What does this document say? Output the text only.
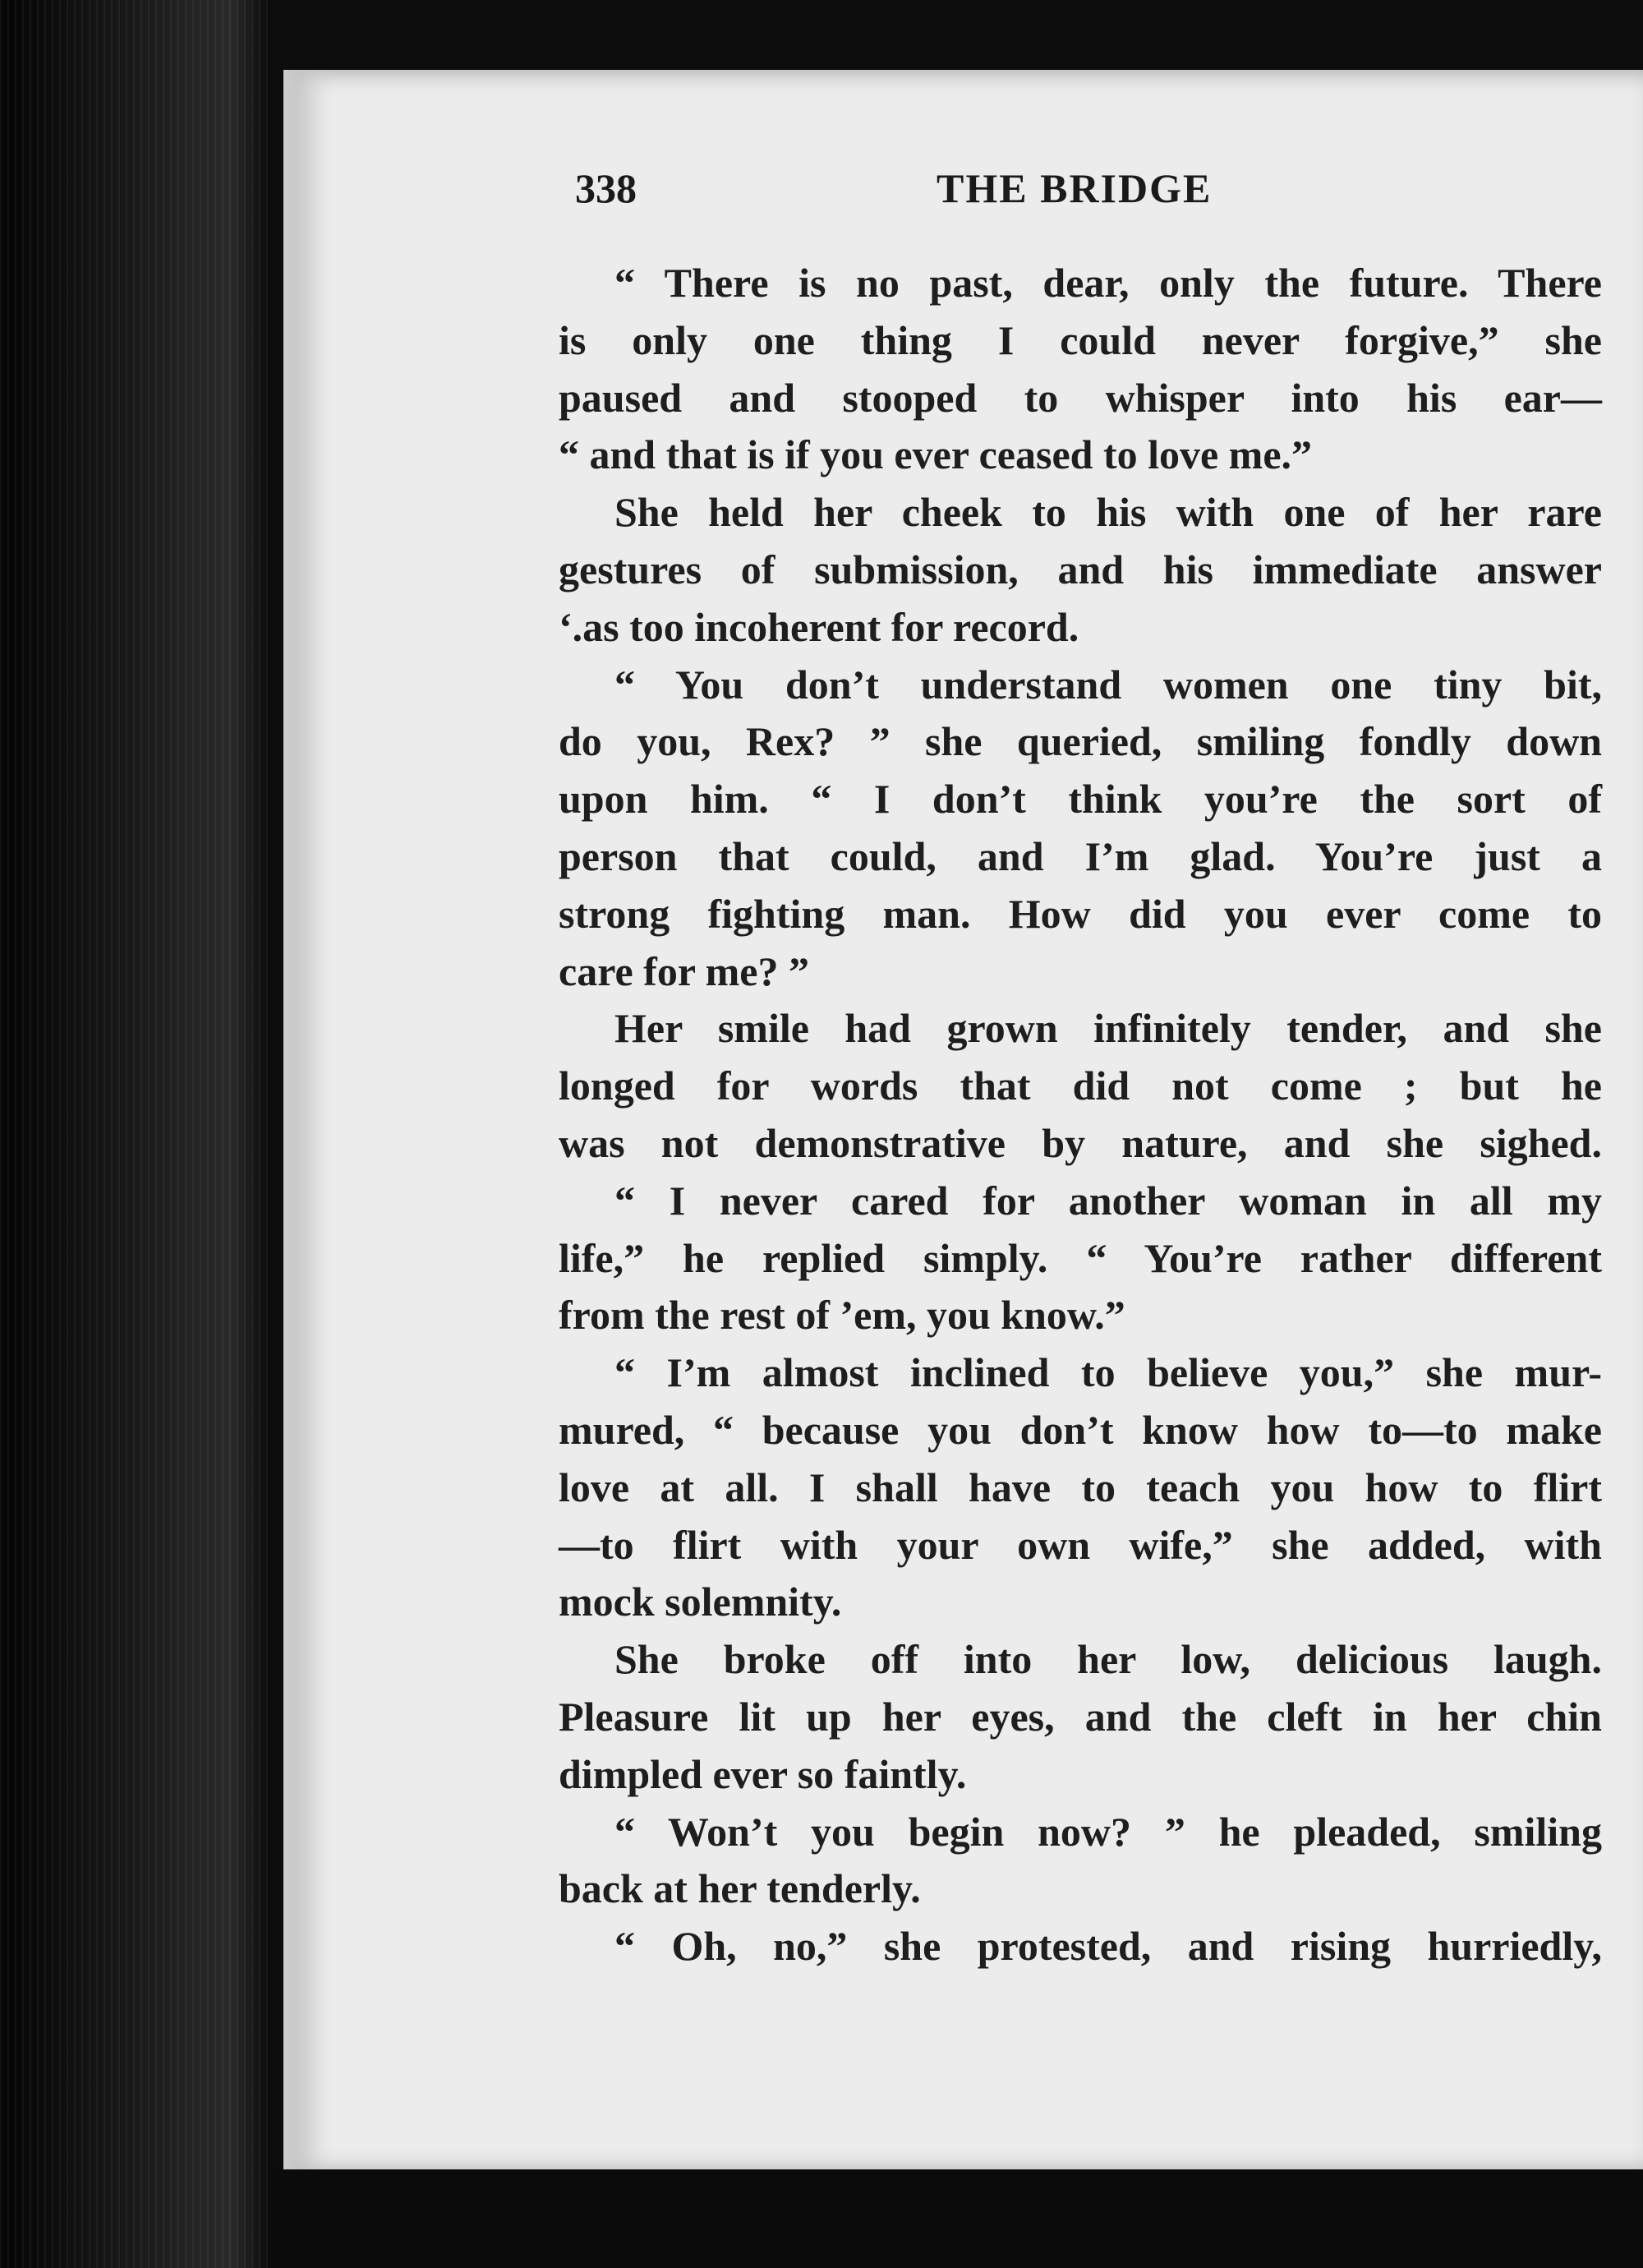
338	THE BRIDGE
“ There is no past, dear, only the future. There
is only one thing I could never forgive,” she
paused and stooped to whisper into his ear—
“ and that is if you ever ceased to love me.”
She held her cheek to his with one of her rare
gestures of submission, and his immediate answer
‘.as too incoherent for record.
“ You don’t understand women one tiny bit,
do you, Rex? ” she queried, smiling fondly down
upon him. “ I don’t think you’re the sort of
person that could, and I’m glad. You’re just a
strong fighting man. How did you ever come to
care for me? ”
Her smile had grown infinitely tender, and she
longed for words that did not come ; but he
was not demonstrative by nature, and she sighed.
“ I never cared for another woman in all my
life,” he replied simply. “ You’re rather different
from the rest of ’em, you know.”
“ I’m almost inclined to believe you,” she mur-
mured, “ because you don’t know how to—to make
love at all. I shall have to teach you how to flirt
—to flirt with your own wife,” she added, with
mock solemnity.
She broke off into her low, delicious laugh.
Pleasure lit up her eyes, and the cleft in her chin
dimpled ever so faintly.
“ Won’t you begin now? ” he pleaded, smiling
back at her tenderly.
“ Oh, no,” she protested, and rising hurriedly,
